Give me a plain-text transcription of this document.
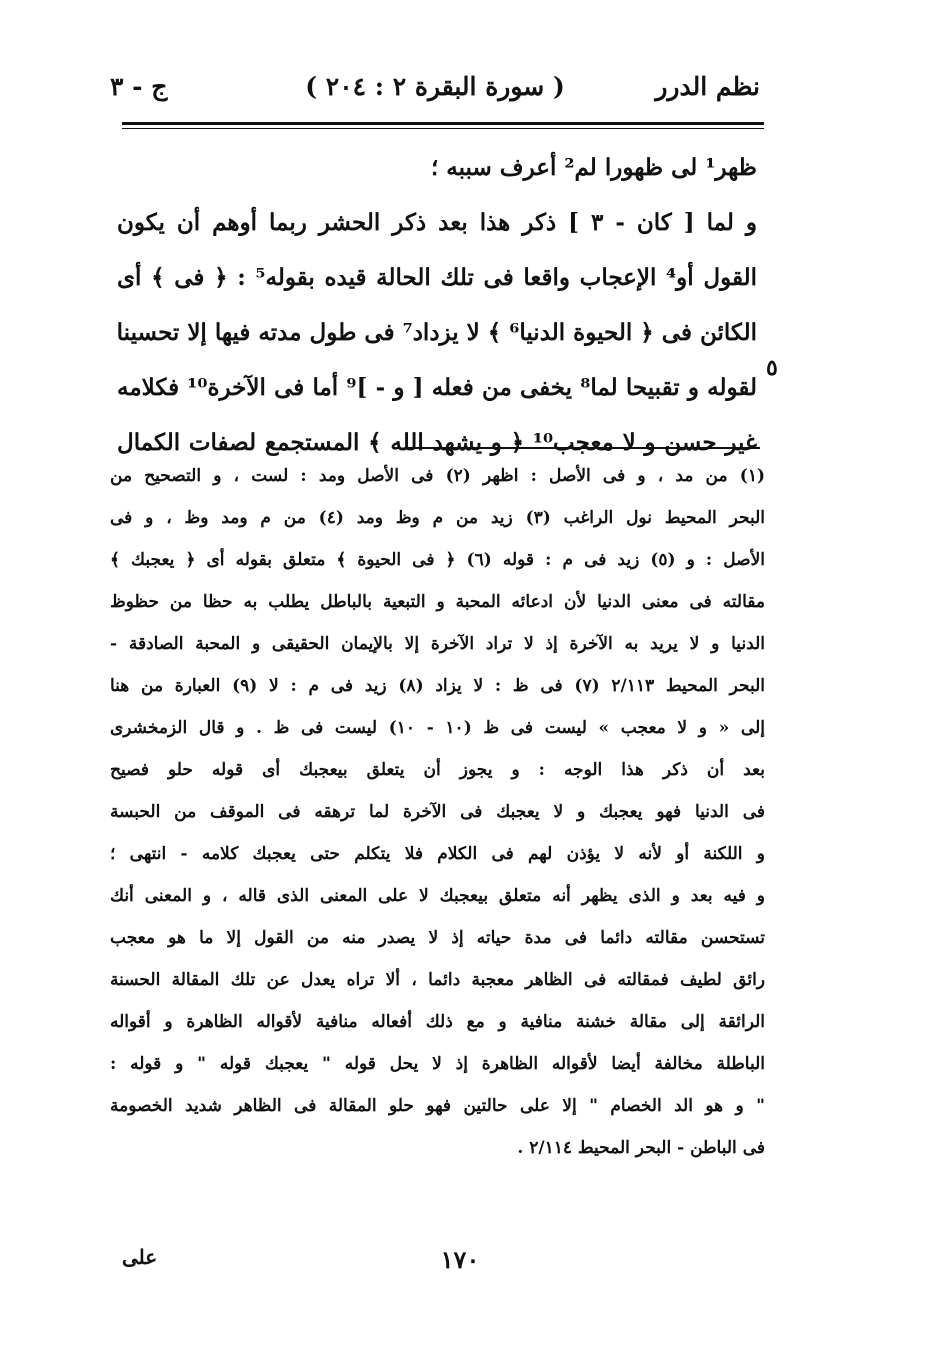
نظم الدرر
( سورة البقرة ٢ : ٢٠٤ )
ج - ٣
ظهر¹ لى ظهورا لم² أعرف سببه ؛
و لما [ كان - ٣ ] ذكر هذا بعد ذكر الحشر ربما أوهم أن يكون
القول أو⁴ الإعجاب واقعا فى تلك الحالة قيده بقوله⁵ : ﴿ فى ﴾ أى
الكائن فى ﴿ الحيوة الدنيا⁶ ﴾ لا يزداد⁷ فى طول مدته فيها إلا تحسينا
لقوله و تقبيحا لما⁸ يخفى من فعله [ و - ]⁹ أما فى الآخرة¹⁰ فكلامه
غير حسن و لا معجب¹⁰ ﴿ و يشهد الله ﴾ المستجمع لصفات الكمال
٥
(١) من مد ، و فى الأصل : اظهر (٢) فى الأصل ومد : لست ، و التصحيح من
البحر المحيط نول الراغب (٣) زيد من م وظ ومد (٤) من م ومد وظ ، و فى
الأصل : و (٥) زيد فى م : قوله (٦) ﴿ فى الحيوة ﴾ متعلق بقوله أى ﴿ يعجبك ﴾
مقالته فى معنى الدنيا لأن ادعائه المحبة و التبعية بالباطل يطلب به حظا من حظوظ
الدنيا و لا يريد به الآخرة إذ لا تراد الآخرة إلا بالإيمان الحقيقى و المحبة الصادقة -
البحر المحيط ٢/١١٣ (٧) فى ظ : لا يزاد (٨) زيد فى م : لا (٩) العبارة من هنا
إلى « و لا معجب » ليست فى ظ (١٠ - ١٠) ليست فى ظ . و قال الزمخشرى
بعد أن ذكر هذا الوجه : و يجوز أن يتعلق بيعجبك أى قوله حلو فصيح
فى الدنيا فهو يعجبك و لا يعجبك فى الآخرة لما ترهقه فى الموقف من الحبسة
و اللكنة أو لأنه لا يؤذن لهم فى الكلام فلا يتكلم حتى يعجبك كلامه - انتهى ؛
و فيه بعد و الذى يظهر أنه متعلق بيعجبك لا على المعنى الذى قاله ، و المعنى أنك
تستحسن مقالته دائما فى مدة حياته إذ لا يصدر منه من القول إلا ما هو معجب
رائق لطيف فمقالته فى الظاهر معجبة دائما ، ألا تراه يعدل عن تلك المقالة الحسنة
الرائقة إلى مقالة خشنة منافية و مع ذلك أفعاله منافية لأقواله الظاهرة و أقواله
الباطلة مخالفة أيضا لأقواله الظاهرة إذ لا يحل قوله " يعجبك قوله " و قوله :
" و هو الد الخصام " إلا على حالتين فهو حلو المقالة فى الظاهر شديد الخصومة
فى الباطن - البحر المحيط ٢/١١٤ .
١٧٠
على
